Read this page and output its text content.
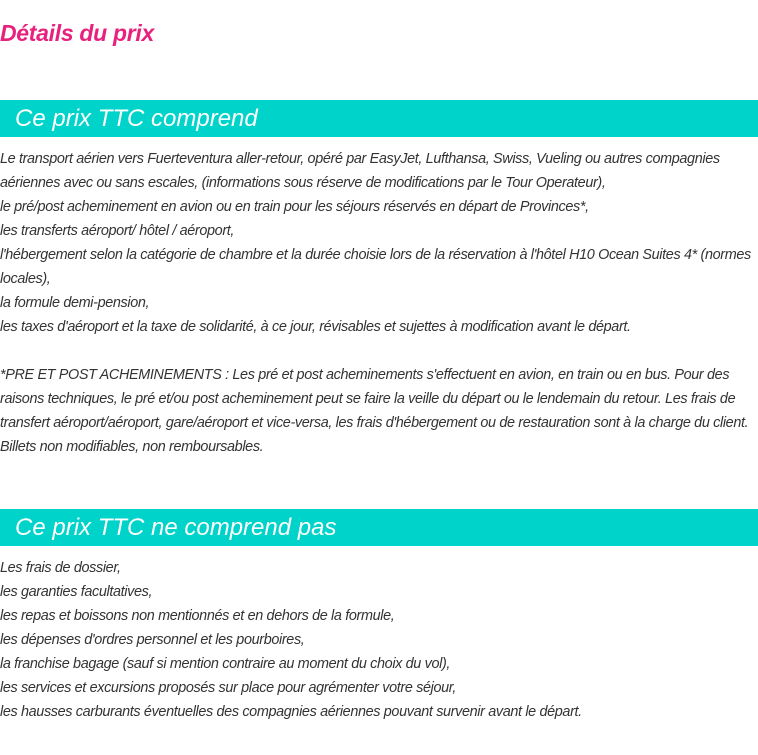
Détails du prix
Ce prix TTC comprend

Le transport aérien vers Fuerteventura aller-retour, opéré par EasyJet, Lufthansa, Swiss, Vueling ou autres compagnies aériennes avec ou sans escales, (informations sous réserve de modifications par le Tour Operateur),

le pré/post acheminement en avion ou en train pour les séjours réservés en départ de Provinces*,

les transferts aéroport/ hôtel / aéroport,

l'hébergement selon la catégorie de chambre et la durée choisie lors de la réservation à l'hôtel H10 Ocean Suites 4* (normes locales),

la formule demi-pension,

les taxes d'aéroport et la taxe de solidarité, à ce jour, révisables et sujettes à modification avant le départ.

*PRE ET POST ACHEMINEMENTS : Les pré et post acheminements s'effectuent en avion, en train ou en bus. Pour des raisons techniques, le pré et/ou post acheminement peut se faire la veille du départ ou le lendemain du retour. Les frais de transfert aéroport/aéroport, gare/aéroport et vice-versa, les frais d'hébergement ou de restauration sont à la charge du client. Billets non modifiables, non remboursables.

Ce prix TTC ne comprend pas

Les frais de dossier,

les garanties facultatives,

les repas et boissons non mentionnés et en dehors de la formule,

les dépenses d'ordres personnel et les pourboires,

la franchise bagage (sauf si mention contraire au moment du choix du vol),

les services et excursions proposés sur place pour agrémenter votre séjour,

les hausses carburants éventuelles des compagnies aériennes pouvant survenir avant le départ.
